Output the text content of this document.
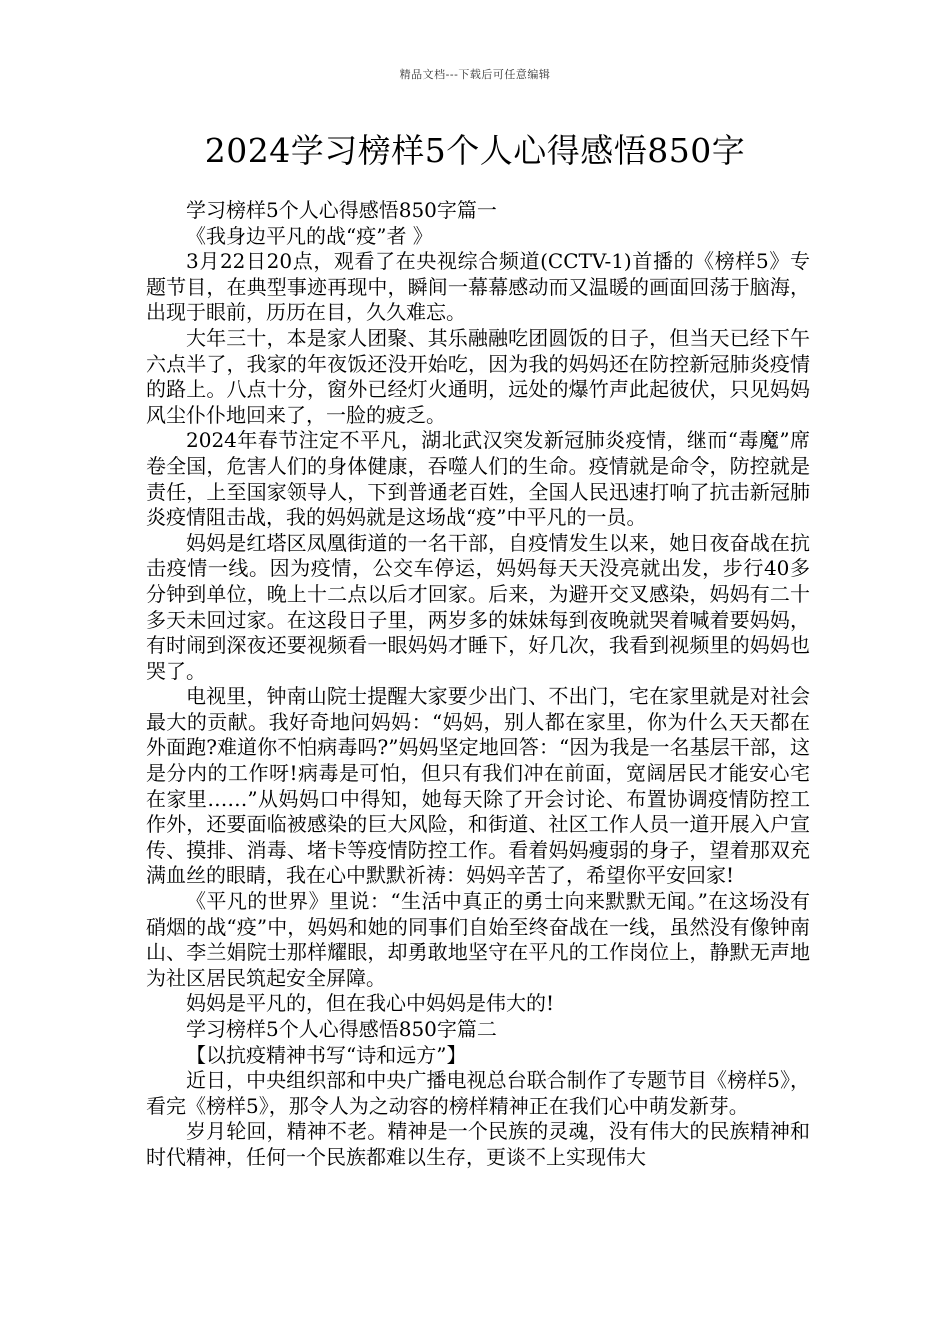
精品文档---下载后可任意编辑
2024学习榜样5个人心得感悟850字

学习榜样5个人心得感悟850字篇一

《我身边平凡的战“疫”者 》

3月22日20点，观看了在央视综合频道(CCTV-1)首播的《榜样5》专题节目，在典型事迹再现中，瞬间一幕幕感动而又温暖的画面回荡于脑海，出现于眼前，历历在目，久久难忘。

大年三十，本是家人团聚、其乐融融吃团圆饭的日子，但当天已经下午六点半了，我家的年夜饭还没开始吃，因为我的妈妈还在防控新冠肺炎疫情的路上。八点十分，窗外已经灯火通明，远处的爆竹声此起彼伏，只见妈妈风尘仆仆地回来了，一脸的疲乏。

2024年春节注定不平凡，湖北武汉突发新冠肺炎疫情，继而“毒魔”席卷全国，危害人们的身体健康，吞噬人们的生命。疫情就是命令，防控就是责任，上至国家领导人，下到普通老百姓，全国人民迅速打响了抗击新冠肺炎疫情阻击战，我的妈妈就是这场战“疫”中平凡的一员。

妈妈是红塔区凤凰街道的一名干部，自疫情发生以来，她日夜奋战在抗击疫情一线。因为疫情，公交车停运，妈妈每天天没亮就出发，步行40多分钟到单位，晚上十二点以后才回家。后来，为避开交叉感染，妈妈有二十多天未回过家。在这段日子里，两岁多的妹妹每到夜晚就哭着喊着要妈妈，有时闹到深夜还要视频看一眼妈妈才睡下，好几次，我看到视频里的妈妈也哭了。

电视里，钟南山院士提醒大家要少出门、不出门，宅在家里就是对社会最大的贡献。我好奇地问妈妈：“妈妈，别人都在家里，你为什么天天都在外面跑?难道你不怕病毒吗?”妈妈坚定地回答：“因为我是一名基层干部，这是分内的工作呀!病毒是可怕，但只有我们冲在前面，宽阔居民才能安心宅在家里……”从妈妈口中得知，她每天除了开会讨论、布置协调疫情防控工作外，还要面临被感染的巨大风险，和街道、社区工作人员一道开展入户宣传、摸排、消毒、堵卡等疫情防控工作。看着妈妈瘦弱的身子，望着那双充满血丝的眼睛，我在心中默默祈祷：妈妈辛苦了，希望你平安回家!

《平凡的世界》里说：“生活中真正的勇士向来默默无闻。”在这场没有硝烟的战“疫”中，妈妈和她的同事们自始至终奋战在一线，虽然没有像钟南山、李兰娟院士那样耀眼，却勇敢地坚守在平凡的工作岗位上，静默无声地为社区居民筑起安全屏障。

妈妈是平凡的，但在我心中妈妈是伟大的!

学习榜样5个人心得感悟850字篇二

【以抗疫精神书写“诗和远方”】

近日，中央组织部和中央广播电视总台联合制作了专题节目《榜样5》，看完《榜样5》，那令人为之动容的榜样精神正在我们心中萌发新芽。

岁月轮回，精神不老。精神是一个民族的灵魂，没有伟大的民族精神和时代精神，任何一个民族都难以生存，更谈不上实现伟大
